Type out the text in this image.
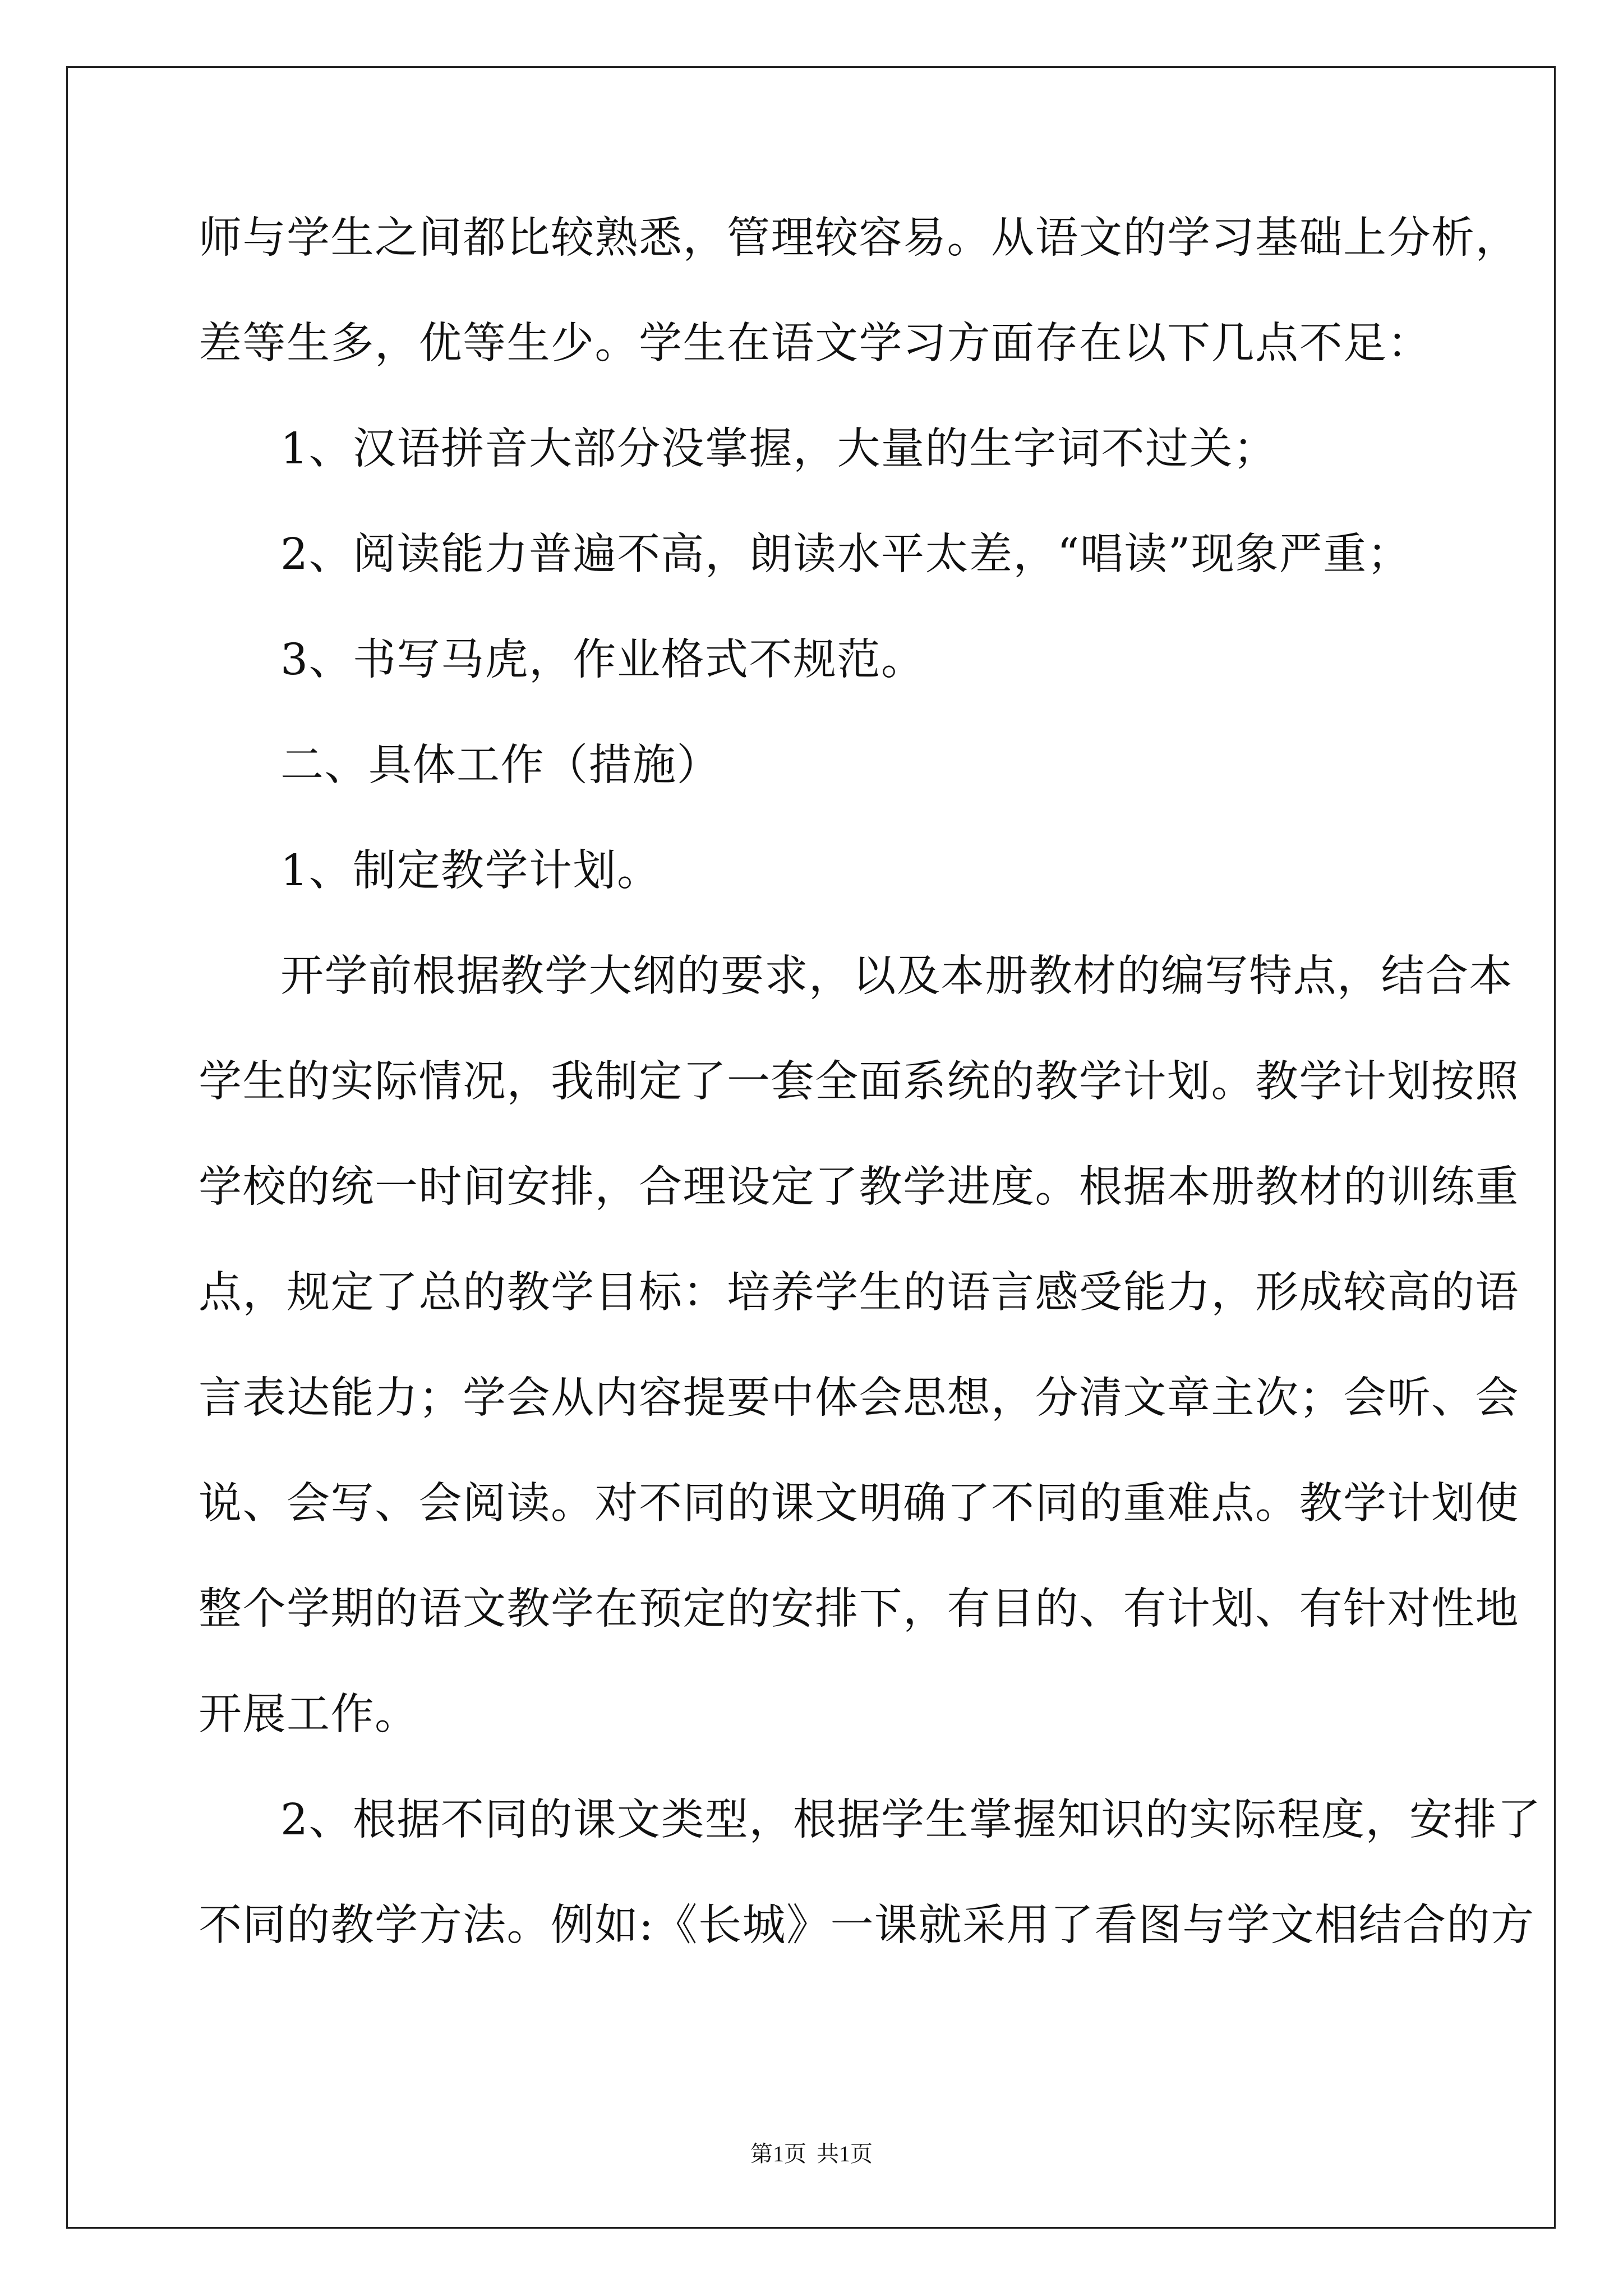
师与学生之间都比较熟悉，管理较容易。从语文的学习基础上分析，
差等生多，优等生少。学生在语文学习方面存在以下几点不足：
1、汉语拼音大部分没掌握，大量的生字词不过关；
2、阅读能力普遍不高，朗读水平太差，“唱读”现象严重；
3、书写马虎，作业格式不规范。
二、具体工作（措施）
1、制定教学计划。
开学前根据教学大纲的要求，以及本册教材的编写特点，结合本
学生的实际情况，我制定了一套全面系统的教学计划。教学计划按照
学校的统一时间安排，合理设定了教学进度。根据本册教材的训练重
点，规定了总的教学目标：培养学生的语言感受能力，形成较高的语
言表达能力；学会从内容提要中体会思想，分清文章主次；会听、会
说、会写、会阅读。对不同的课文明确了不同的重难点。教学计划使
整个学期的语文教学在预定的安排下，有目的、有计划、有针对性地
开展工作。
2、根据不同的课文类型，根据学生掌握知识的实际程度，安排了
不同的教学方法。例如:《长城》一课就采用了看图与学文相结合的方
第1页 共1页
